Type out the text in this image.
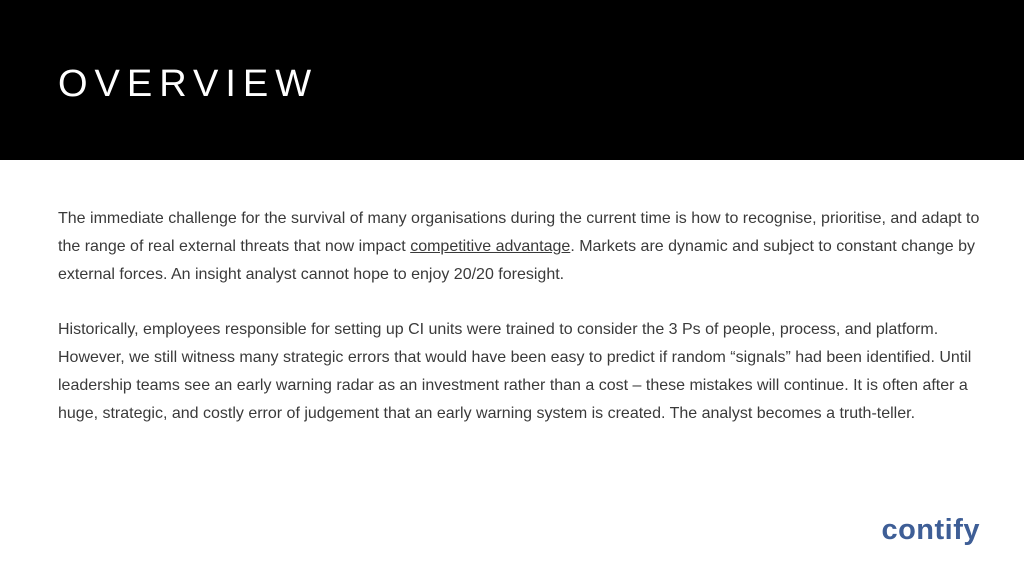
OVERVIEW

The immediate challenge for the survival of many organisations during the current time is how to recognise, prioritise, and adapt to the range of real external threats that now impact competitive advantage. Markets are dynamic and subject to constant change by external forces. An insight analyst cannot hope to enjoy 20/20 foresight.

Historically, employees responsible for setting up CI units were trained to consider the 3 Ps of people, process, and platform. However, we still witness many strategic errors that would have been easy to predict if random “signals” had been identified. Until leadership teams see an early warning radar as an investment rather than a cost – these mistakes will continue. It is often after a huge, strategic, and costly error of judgement that an early warning system is created. The analyst becomes a truth-teller.

contify
